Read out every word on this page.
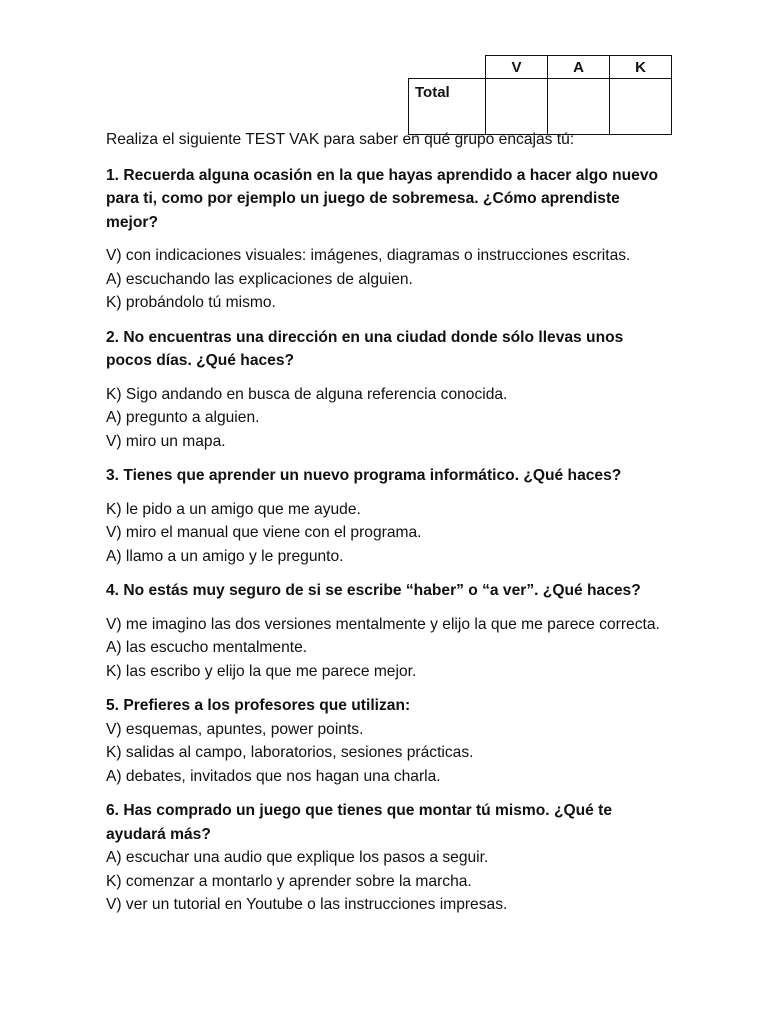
	V	A	K
Total			

Realiza el siguiente TEST VAK para saber en qué grupo encajas tú:

1. Recuerda alguna ocasión en la que hayas aprendido a hacer algo nuevo para ti, como por ejemplo un juego de sobremesa. ¿Cómo aprendiste mejor?

V) con indicaciones visuales: imágenes, diagramas o instrucciones escritas.

A) escuchando las explicaciones de alguien.

K) probándolo tú mismo.

2. No encuentras una dirección en una ciudad donde sólo llevas unos pocos días. ¿Qué haces?

K) Sigo andando en busca de alguna referencia conocida.

A) pregunto a alguien.

V) miro un mapa.

3. Tienes que aprender un nuevo programa informático. ¿Qué haces?

K) le pido a un amigo que me ayude.

V) miro el manual que viene con el programa.

A) llamo a un amigo y le pregunto.

4. No estás muy seguro de si se escribe “haber” o “a ver”. ¿Qué haces?

V) me imagino las dos versiones mentalmente y elijo la que me parece correcta.

A) las escucho mentalmente.

K) las escribo y elijo la que me parece mejor.

5. Prefieres a los profesores que utilizan:

V) esquemas, apuntes, power points.

K) salidas al campo, laboratorios, sesiones prácticas.

A) debates, invitados que nos hagan una charla.

6. Has comprado un juego que tienes que montar tú mismo. ¿Qué te ayudará más?

A) escuchar una audio que explique los pasos a seguir.

K) comenzar a montarlo y aprender sobre la marcha.

V) ver un tutorial en Youtube o las instrucciones impresas.
